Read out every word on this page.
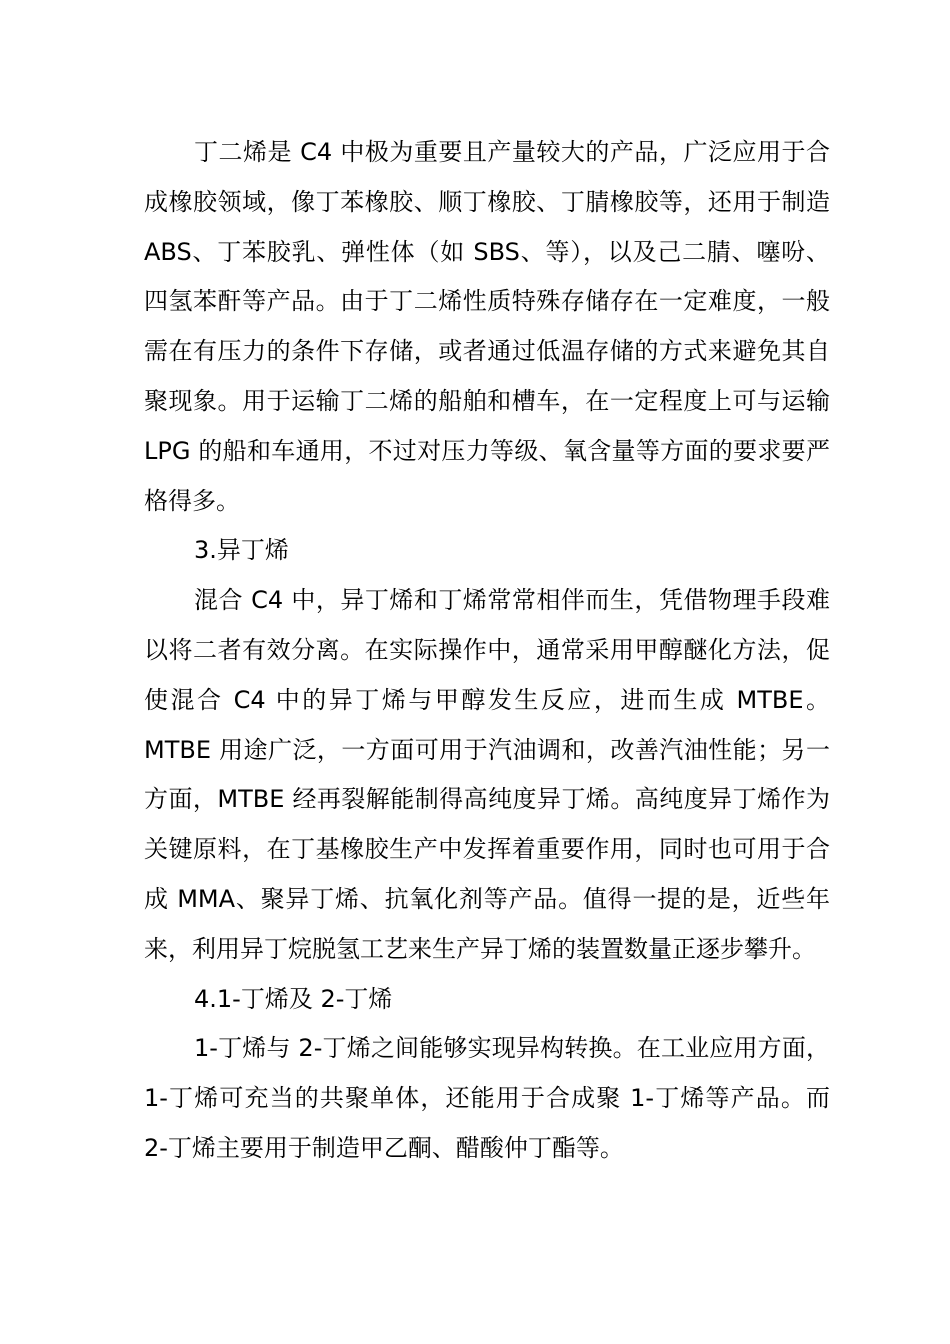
丁二烯是 C4 中极为重要且产量较大的产品，广泛应用于合成橡胶领域，像丁苯橡胶、顺丁橡胶、丁腈橡胶等，还用于制造 ABS、丁苯胶乳、弹性体（如 SBS、等），以及己二腈、噻吩、四氢苯酐等产品。由于丁二烯性质特殊存储存在一定难度，一般需在有压力的条件下存储，或者通过低温存储的方式来避免其自聚现象。用于运输丁二烯的船舶和槽车，在一定程度上可与运输 LPG 的船和车通用，不过对压力等级、氧含量等方面的要求要严格得多。

3.异丁烯

混合 C4 中，异丁烯和丁烯常常相伴而生，凭借物理手段难以将二者有效分离。在实际操作中，通常采用甲醇醚化方法，促使混合 C4 中的异丁烯与甲醇发生反应，进而生成 MTBE。MTBE 用途广泛，一方面可用于汽油调和，改善汽油性能；另一方面，MTBE 经再裂解能制得高纯度异丁烯。高纯度异丁烯作为关键原料，在丁基橡胶生产中发挥着重要作用，同时也可用于合成 MMA、聚异丁烯、抗氧化剂等产品。值得一提的是，近些年来，利用异丁烷脱氢工艺来生产异丁烯的装置数量正逐步攀升。

4.1-丁烯及 2-丁烯

1-丁烯与 2-丁烯之间能够实现异构转换。在工业应用方面，1-丁烯可充当的共聚单体，还能用于合成聚 1-丁烯等产品。而 2-丁烯主要用于制造甲乙酮、醋酸仲丁酯等。
